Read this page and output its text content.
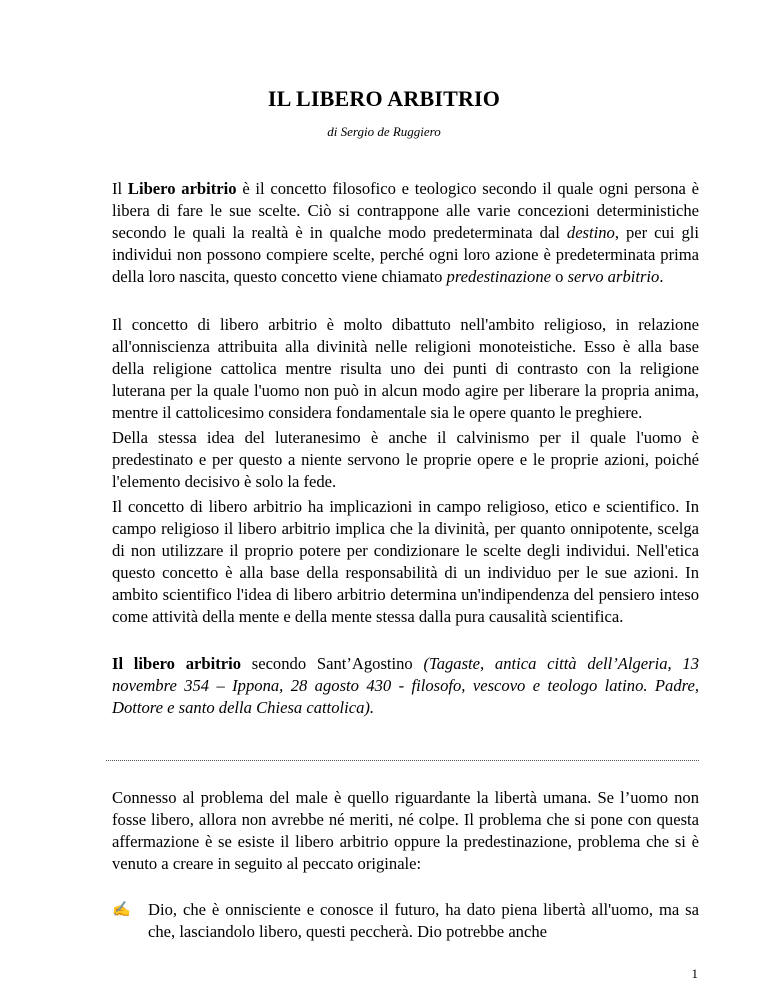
IL LIBERO ARBITRIO
di Sergio de Ruggiero
Il Libero arbitrio è il concetto filosofico e teologico secondo il quale ogni persona è libera di fare le sue scelte. Ciò si contrappone alle varie concezioni deterministiche secondo le quali la realtà è in qualche modo predeterminata dal destino, per cui gli individui non possono compiere scelte, perché ogni loro azione è predeterminata prima della loro nascita, questo concetto viene chiamato predestinazione o servo arbitrio.
Il concetto di libero arbitrio è molto dibattuto nell'ambito religioso, in relazione all'onniscienza attribuita alla divinità nelle religioni monoteistiche. Esso è alla base della religione cattolica mentre risulta uno dei punti di contrasto con la religione luterana per la quale l'uomo non può in alcun modo agire per liberare la propria anima, mentre il cattolicesimo considera fondamentale sia le opere quanto le preghiere.
Della stessa idea del luteranesimo è anche il calvinismo per il quale l'uomo è predestinato e per questo a niente servono le proprie opere e le proprie azioni, poiché l'elemento decisivo è solo la fede.
Il concetto di libero arbitrio ha implicazioni in campo religioso, etico e scientifico. In campo religioso il libero arbitrio implica che la divinità, per quanto onnipotente, scelga di non utilizzare il proprio potere per condizionare le scelte degli individui. Nell'etica questo concetto è alla base della responsabilità di un individuo per le sue azioni. In ambito scientifico l'idea di libero arbitrio determina un'indipendenza del pensiero inteso come attività della mente e della mente stessa dalla pura causalità scientifica.
Il libero arbitrio secondo Sant’Agostino (Tagaste, antica città dell’Algeria, 13 novembre 354 – Ippona, 28 agosto 430 - filosofo, vescovo e teologo latino. Padre, Dottore e santo della Chiesa cattolica).
Connesso al problema del male è quello riguardante la libertà umana. Se l’uomo non fosse libero, allora non avrebbe né meriti, né colpe. Il problema che si pone con questa affermazione è se esiste il libero arbitrio oppure la predestinazione, problema che si è venuto a creare in seguito al peccato originale:
✍	Dio, che è onnisciente e conosce il futuro, ha dato piena libertà all'uomo, ma sa che, lasciandolo libero, questi peccherà. Dio potrebbe anche
1
